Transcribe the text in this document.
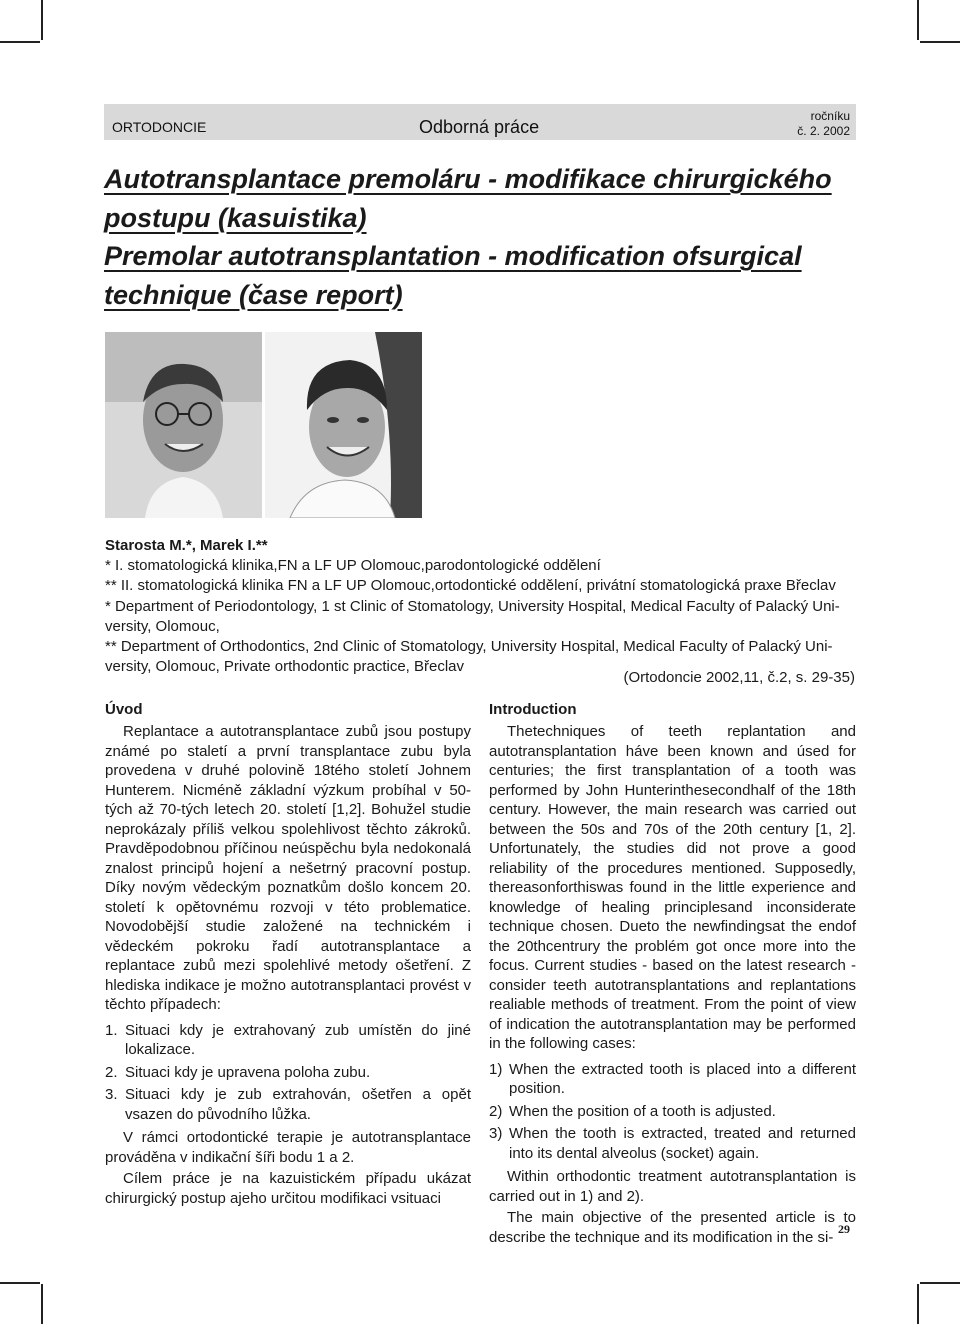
ORTODONCIE	Odborná práce
ročníku
č. 2. 2002
Autotransplantace premoláru - modifikace chirurgického
postupu (kasuistika)
Premolar autotransplantation - modification ofsurgical
technique (čase report)
Starosta M.*, Marek I.**
* I. stomatologická klinika,FN a LF UP Olomouc,parodontologické oddělení
** II. stomatologická klinika FN a LF UP Olomouc,ortodontické oddělení, privátní stomatologická praxe Břeclav
* Department of Periodontology, 1 st Clinic of Stomatology, University Hospital, Medical Faculty of Palacký Uni-
versity, Olomouc,
** Department of Orthodontics, 2nd Clinic of Stomatology, University Hospital, Medical Faculty of Palacký Uni-
versity, Olomouc, Private orthodontic practice, Břeclav
(Ortodoncie 2002,11, č.2, s. 29-35)
Úvod

Replantace a autotransplantace zubů jsou postupy známé po staletí a první transplantace zubu byla provedena v druhé polovině 18tého století Johnem Hunterem. Nicméně základní výzkum probíhal v 50-tých až 70-tých letech 20. století [1,2]. Bohužel studie neprokázaly příliš velkou spolehlivost těchto zákroků. Pravděpodobnou příčinou neúspěchu byla nedokonalá znalost principů hojení a nešetrný pracovní postup. Díky novým vědeckým poznatkům došlo koncem 20. století k opětovnému rozvoji v této problematice. Novodobější studie založené na technickém i vědeckém pokroku řadí autotransplantace a replantace zubů mezi spolehlivé metody ošetření. Z hlediska indikace je možno autotransplantaci provést v těchto případech:

1. Situaci kdy je extrahovaný zub umístěn do jiné lokalizace.
2. Situaci kdy je upravena poloha zubu.
3. Situaci kdy je zub extrahován, ošetřen a opět vsazen do původního lůžka.

V rámci ortodontické terapie je autotransplantace prováděna v indikační šíři bodu 1 a 2.

Cílem práce je na kazuistickém případu ukázat chirurgický postup ajeho určitou modifikaci vsituaci

Introduction

Thetechniques of teeth replantation and autotransplantation háve been known and úsed for centuries; the first transplantation of a tooth was performed by John Hunterinthesecondhalf of the 18th century. However, the main research was carried out between the 50s and 70s of the 20th century [1, 2]. Unfortunately, the studies did not prove a good reliability of the procedures mentioned. Supposedly, thereasonforthiswas found in the little experience and knowledge of healing principlesand inconsiderate technique chosen. Dueto the newfindingsat the endof the 20thcentrury the problém got once more into the focus. Current studies - based on the latest research - consider teeth autotransplantations and replantations realiable methods of treatment. From the point of view of indication the autotransplantation may be performed in the following cases:

1) When the extracted tooth is placed into a different position.
2) When the position of a tooth is adjusted.
3) When the tooth is extracted, treated and returned into its dental alveolus (socket) again.

Within orthodontic treatment autotransplantation is carried out in 1) and 2).

The main objective of the presented article is to describe the technique and its modification in the si- 29
